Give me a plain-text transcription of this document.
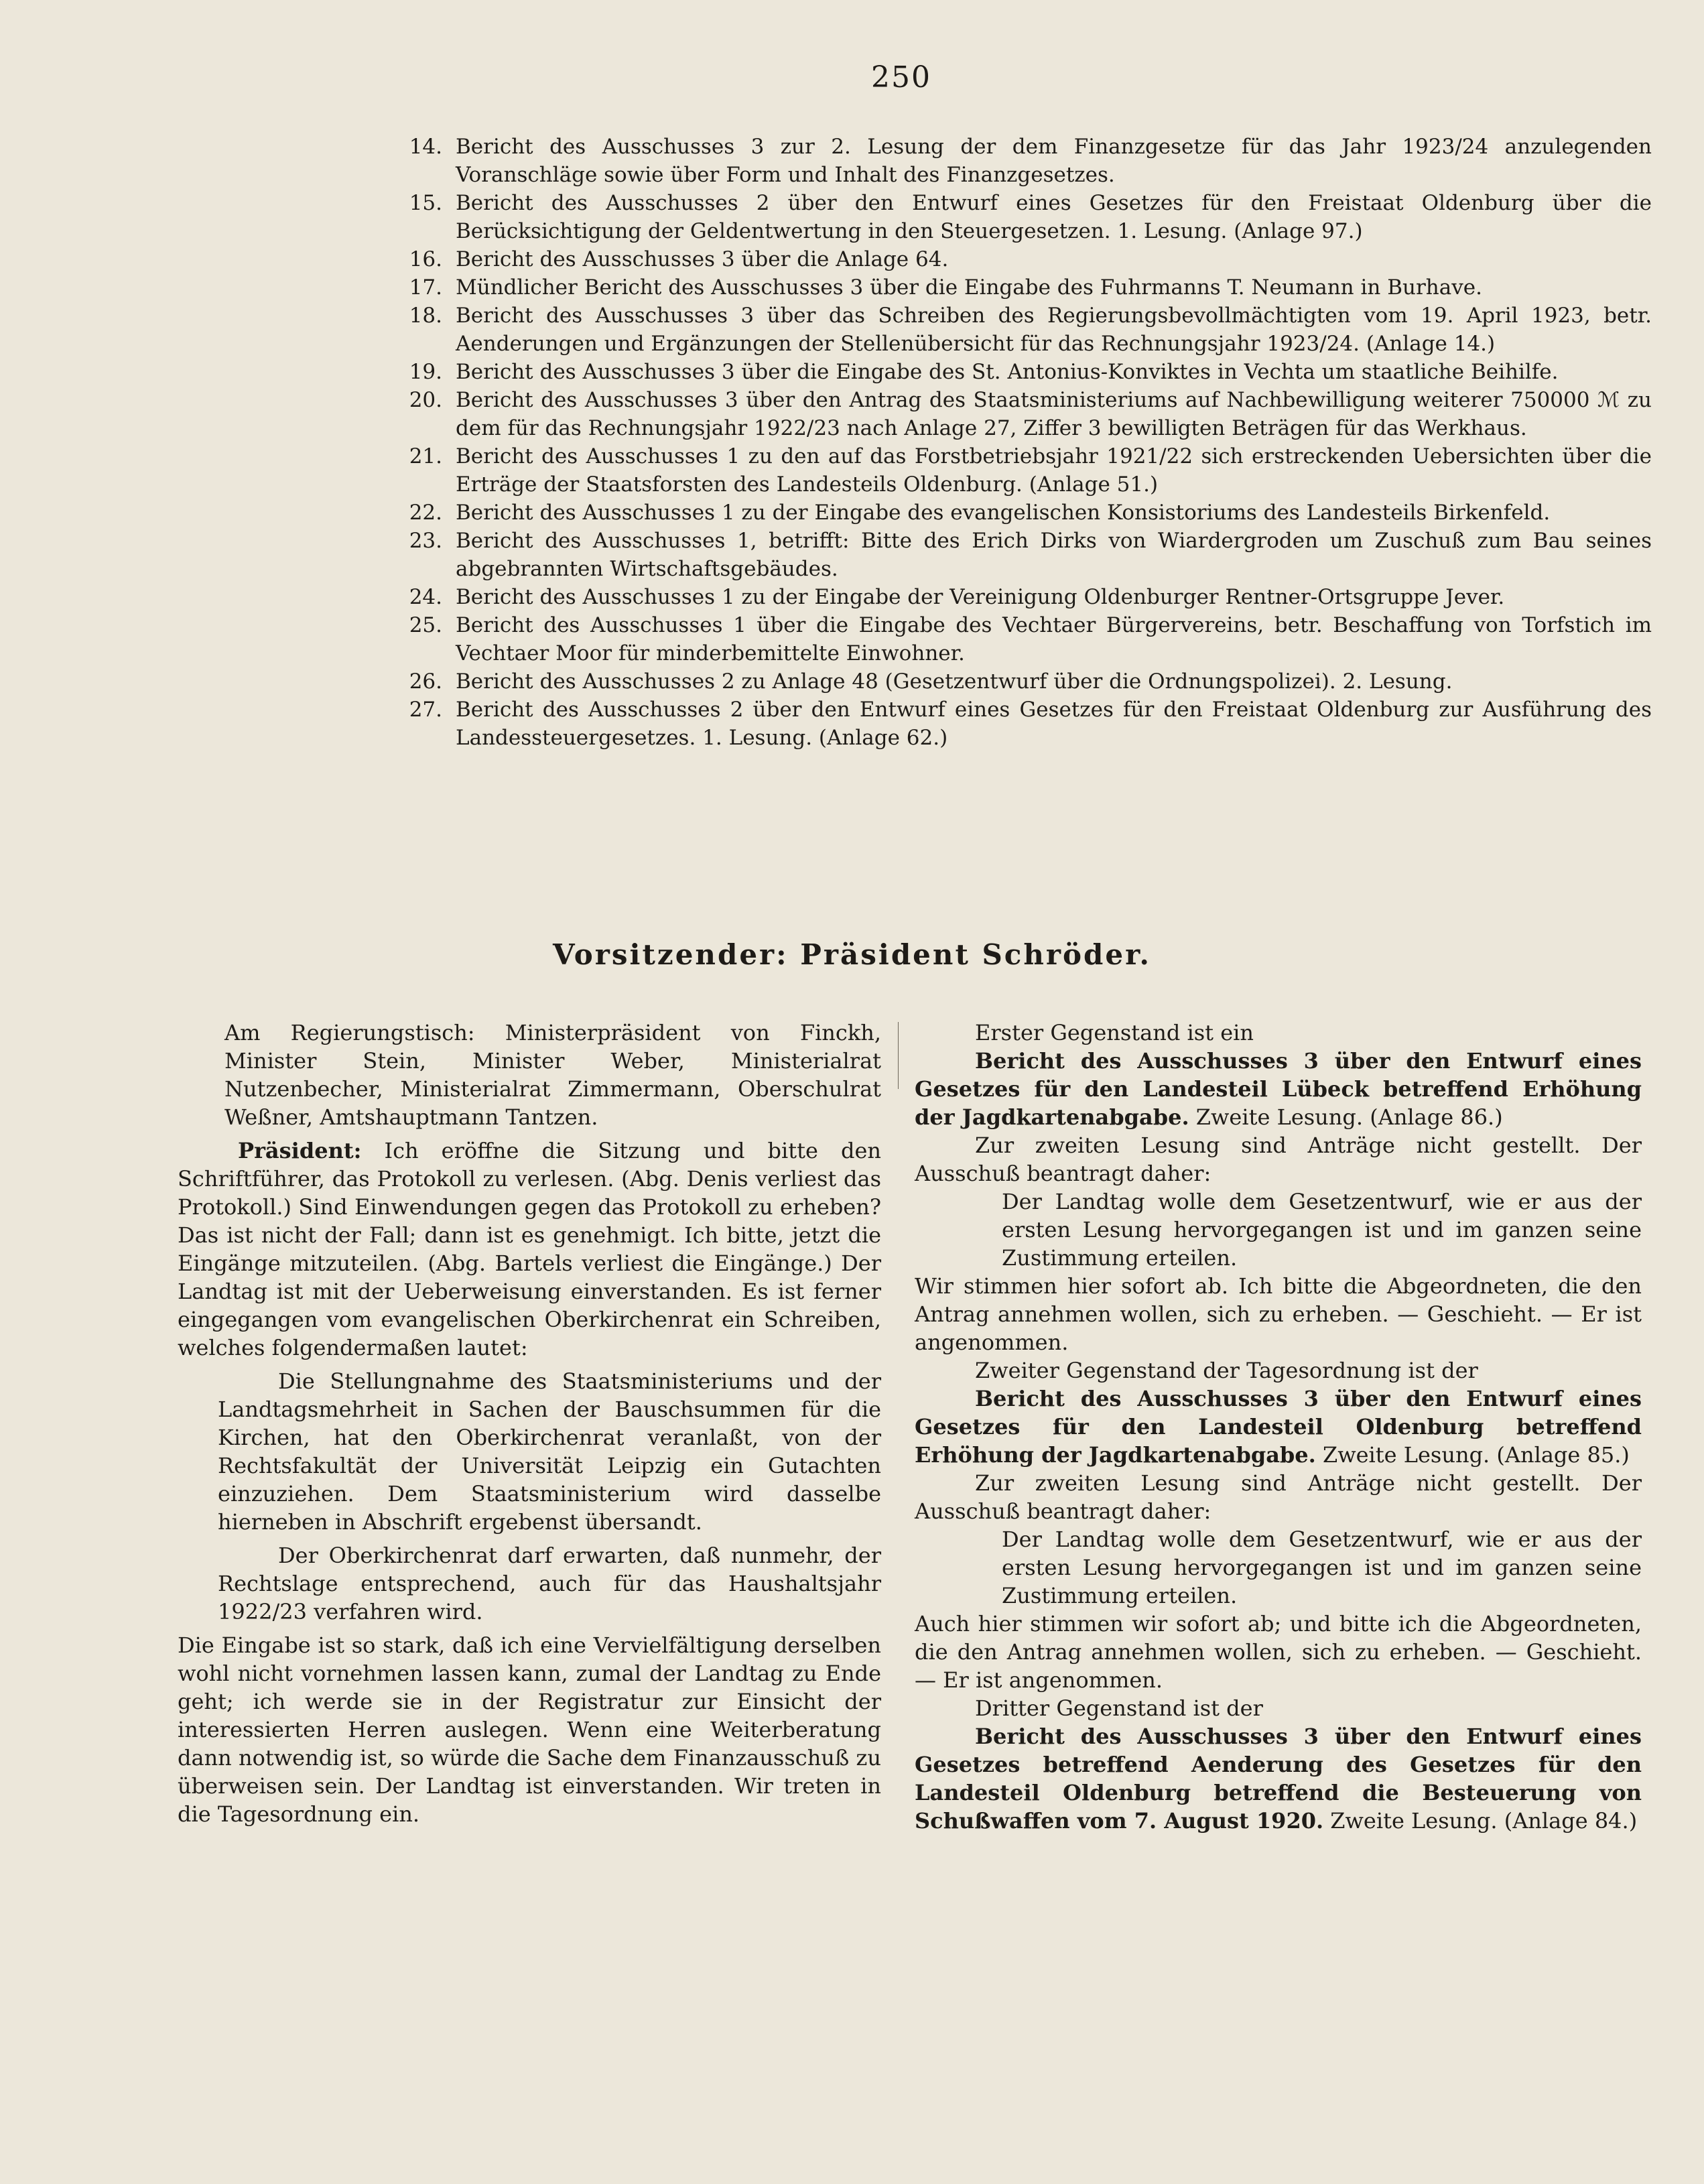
250
14. Bericht des Ausschusses 3 zur 2. Lesung der dem Finanzgesetze für das Jahr 1923/24 anzulegenden Voranschläge sowie über Form und Inhalt des Finanzgesetzes.
15. Bericht des Ausschusses 2 über den Entwurf eines Gesetzes für den Freistaat Oldenburg über die Berücksichtigung der Geldentwertung in den Steuergesetzen. 1. Lesung. (Anlage 97.)
16. Bericht des Ausschusses 3 über die Anlage 64.
17. Mündlicher Bericht des Ausschusses 3 über die Eingabe des Fuhrmanns T. Neumann in Burhave.
18. Bericht des Ausschusses 3 über das Schreiben des Regierungsbevollmächtigten vom 19. April 1923, betr. Aenderungen und Ergänzungen der Stellenübersicht für das Rechnungsjahr 1923/24. (Anlage 14.)
19. Bericht des Ausschusses 3 über die Eingabe des St. Antonius-Konviktes in Vechta um staatliche Beihilfe.
20. Bericht des Ausschusses 3 über den Antrag des Staatsministeriums auf Nachbewilligung weiterer 750000 ℳ zu dem für das Rechnungsjahr 1922/23 nach Anlage 27, Ziffer 3 bewilligten Beträgen für das Werkhaus.
21. Bericht des Ausschusses 1 zu den auf das Forstbetriebsjahr 1921/22 sich erstreckenden Uebersichten über die Erträge der Staatsforsten des Landesteils Oldenburg. (Anlage 51.)
22. Bericht des Ausschusses 1 zu der Eingabe des evangelischen Konsistoriums des Landesteils Birkenfeld.
23. Bericht des Ausschusses 1, betrifft: Bitte des Erich Dirks von Wiardergroden um Zuschuß zum Bau seines abgebrannten Wirtschaftsgebäudes.
24. Bericht des Ausschusses 1 zu der Eingabe der Vereinigung Oldenburger Rentner-Ortsgruppe Jever.
25. Bericht des Ausschusses 1 über die Eingabe des Vechtaer Bürgervereins, betr. Beschaffung von Torfstich im Vechtaer Moor für minderbemittelte Einwohner.
26. Bericht des Ausschusses 2 zu Anlage 48 (Gesetzentwurf über die Ordnungspolizei). 2. Lesung.
27. Bericht des Ausschusses 2 über den Entwurf eines Gesetzes für den Freistaat Oldenburg zur Ausführung des Landessteuergesetzes. 1. Lesung. (Anlage 62.)
Vorsitzender: Präsident Schröder.

Am Regierungstisch: Ministerpräsident von Finckh, Minister Stein, Minister Weber, Ministerialrat Nutzenbecher, Ministerialrat Zimmermann, Oberschulrat Weßner, Amtshauptmann Tantzen.

Präsident: Ich eröffne die Sitzung und bitte den Schriftführer, das Protokoll zu verlesen. (Abg. Denis verliest das Protokoll.) Sind Einwendungen gegen das Protokoll zu erheben? Das ist nicht der Fall; dann ist es genehmigt. Ich bitte, jetzt die Eingänge mitzuteilen. (Abg. Bartels verliest die Eingänge.) Der Landtag ist mit der Ueberweisung einverstanden. Es ist ferner eingegangen vom evangelischen Oberkirchenrat ein Schreiben, welches folgendermaßen lautet:

Die Stellungnahme des Staatsministeriums und der Landtagsmehrheit in Sachen der Bauschsummen für die Kirchen, hat den Oberkirchenrat veranlaßt, von der Rechtsfakultät der Universität Leipzig ein Gutachten einzuziehen. Dem Staatsministerium wird dasselbe hierneben in Abschrift ergebenst übersandt.

Der Oberkirchenrat darf erwarten, daß nunmehr, der Rechtslage entsprechend, auch für das Haushaltsjahr 1922/23 verfahren wird.

Die Eingabe ist so stark, daß ich eine Vervielfältigung derselben wohl nicht vornehmen lassen kann, zumal der Landtag zu Ende geht; ich werde sie in der Registratur zur Einsicht der interessierten Herren auslegen. Wenn eine Weiterberatung dann notwendig ist, so würde die Sache dem Finanzausschuß zu überweisen sein. Der Landtag ist einverstanden. Wir treten in die Tagesordnung ein.

Erster Gegenstand ist ein

Bericht des Ausschusses 3 über den Entwurf eines Gesetzes für den Landesteil Lübeck betreffend Erhöhung der Jagdkartenabgabe. Zweite Lesung. (Anlage 86.)

Zur zweiten Lesung sind Anträge nicht gestellt. Der Ausschuß beantragt daher:

Der Landtag wolle dem Gesetzentwurf, wie er aus der ersten Lesung hervorgegangen ist und im ganzen seine Zustimmung erteilen.

Wir stimmen hier sofort ab. Ich bitte die Abgeordneten, die den Antrag annehmen wollen, sich zu erheben. — Geschieht. — Er ist angenommen.

Zweiter Gegenstand der Tagesordnung ist der

Bericht des Ausschusses 3 über den Entwurf eines Gesetzes für den Landesteil Oldenburg betreffend Erhöhung der Jagdkartenabgabe. Zweite Lesung. (Anlage 85.)

Zur zweiten Lesung sind Anträge nicht gestellt. Der Ausschuß beantragt daher:

Der Landtag wolle dem Gesetzentwurf, wie er aus der ersten Lesung hervorgegangen ist und im ganzen seine Zustimmung erteilen.

Auch hier stimmen wir sofort ab; und bitte ich die Abgeordneten, die den Antrag annehmen wollen, sich zu erheben. — Geschieht. — Er ist angenommen.

Dritter Gegenstand ist der

Bericht des Ausschusses 3 über den Entwurf eines Gesetzes betreffend Aenderung des Gesetzes für den Landesteil Oldenburg betreffend die Besteuerung von Schußwaffen vom 7. August 1920. Zweite Lesung. (Anlage 84.)
